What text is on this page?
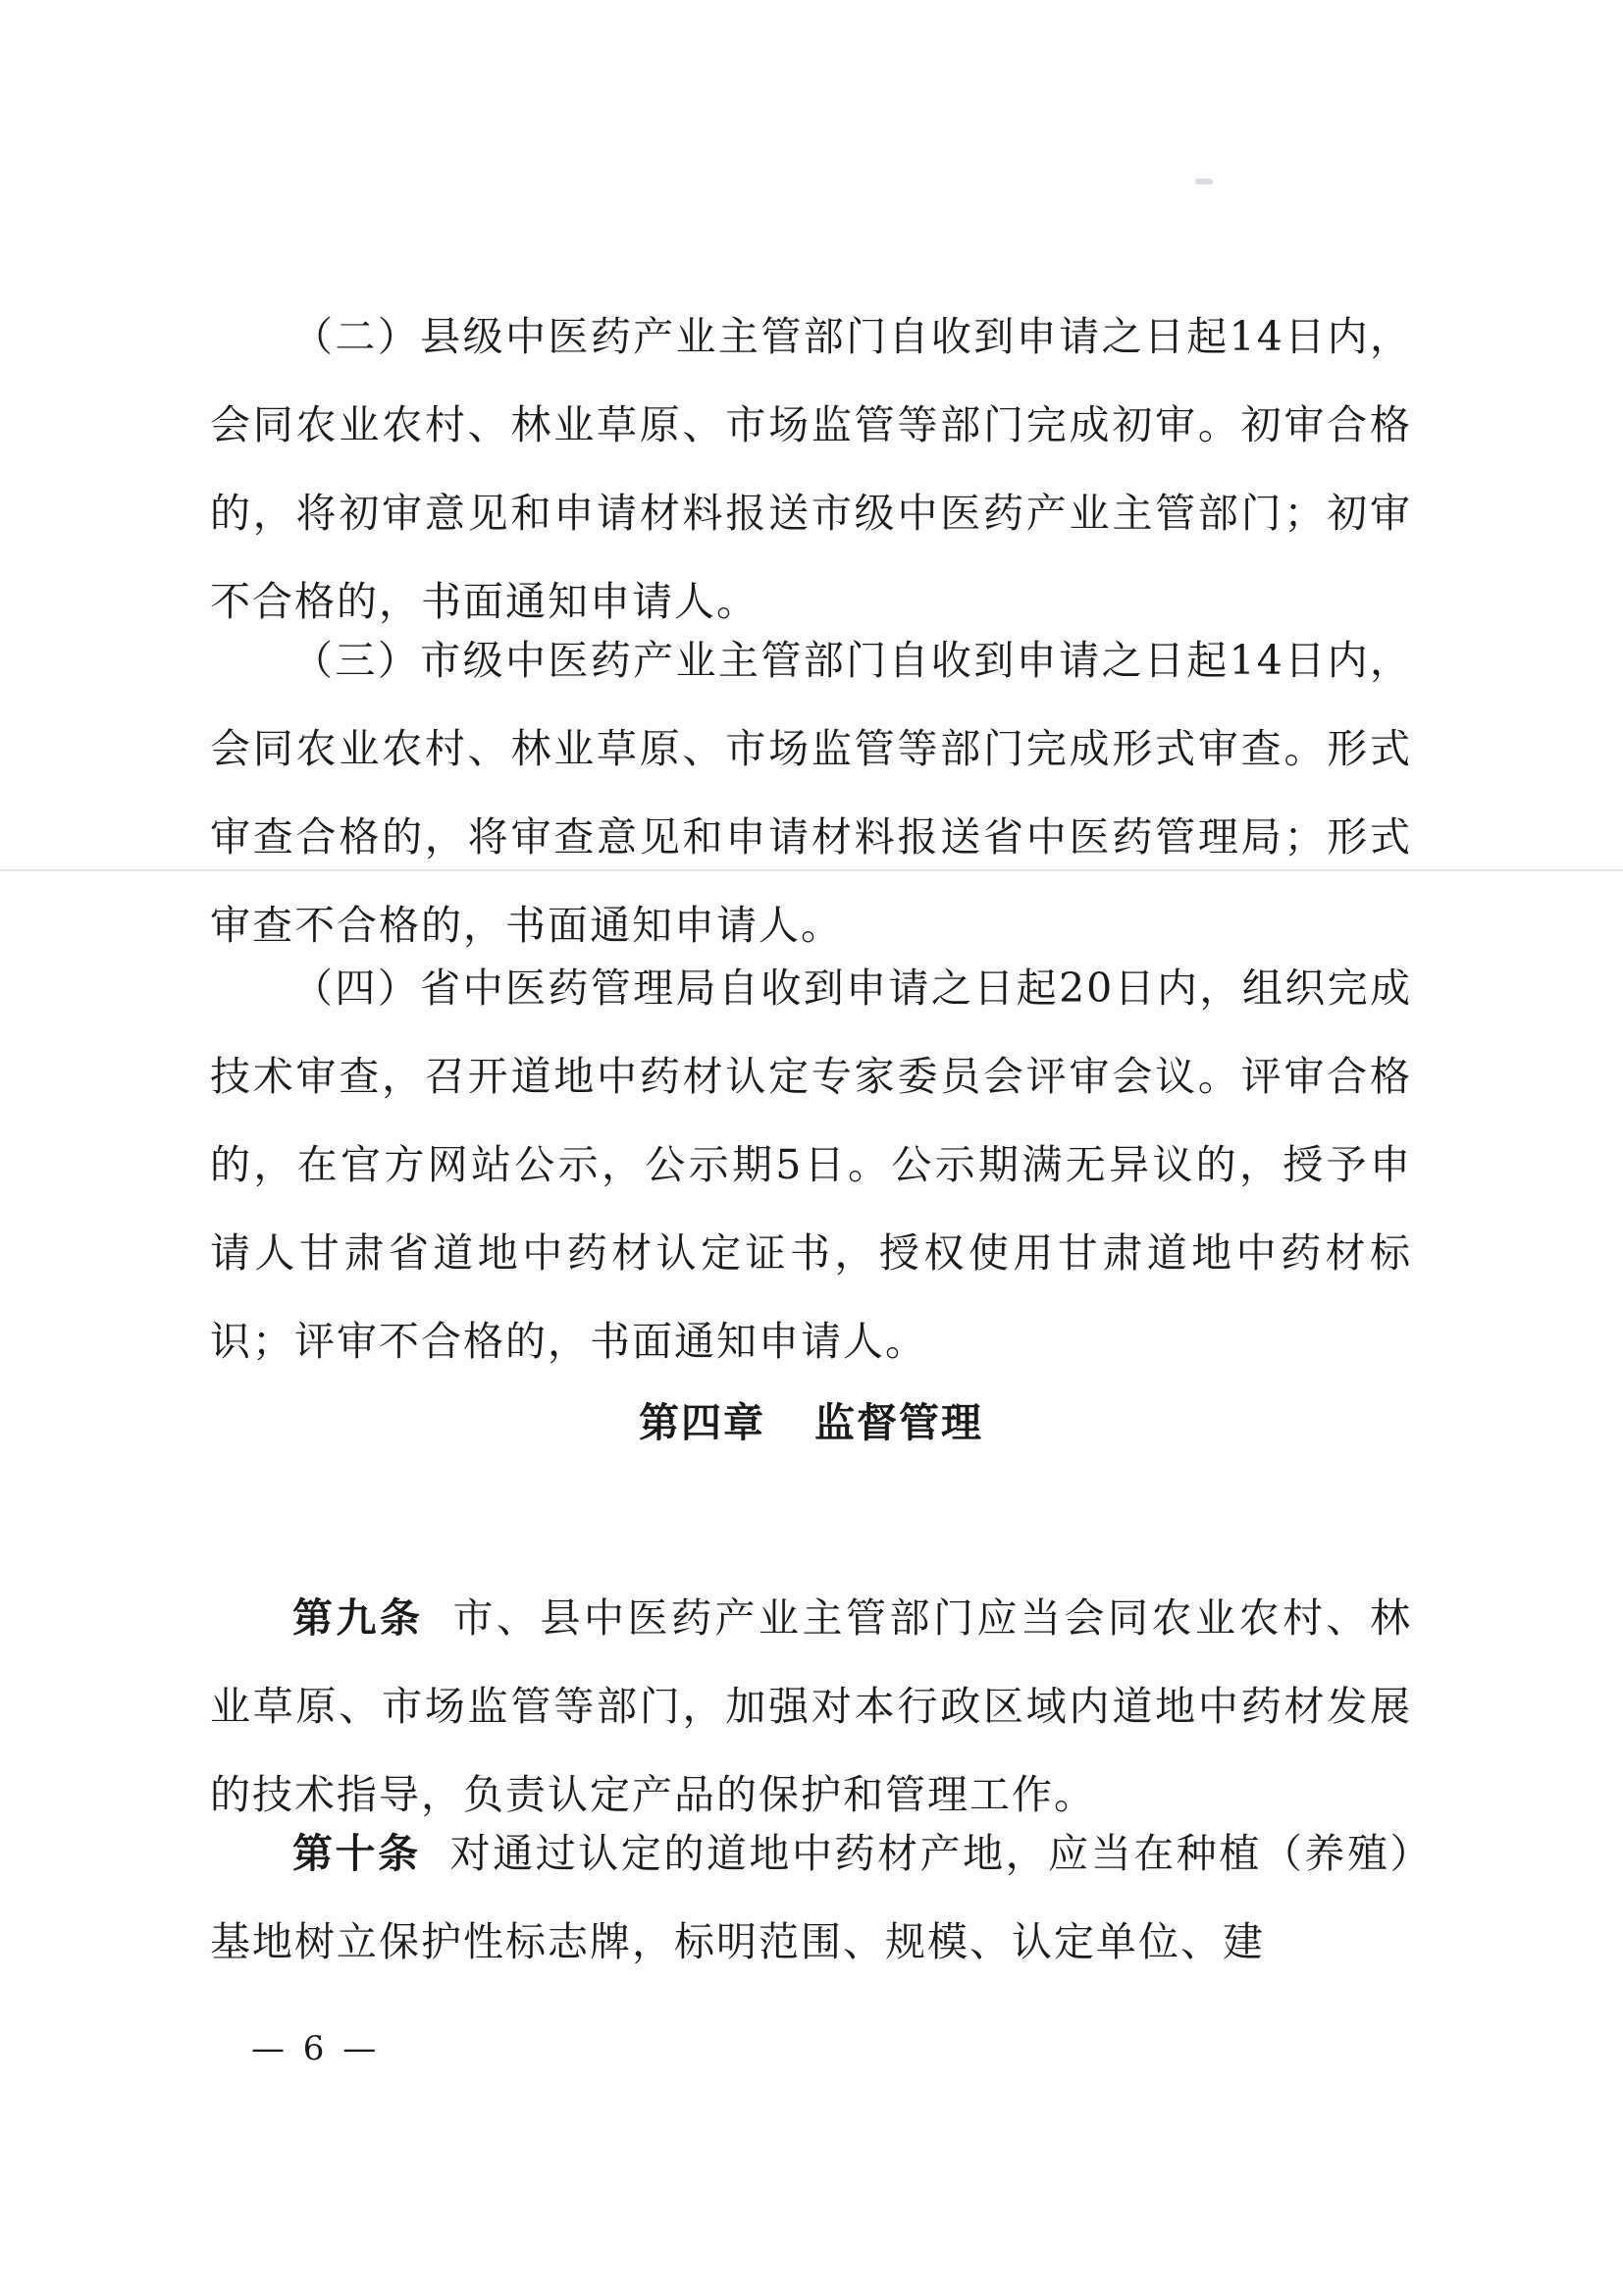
（二）县级中医药产业主管部门自收到申请之日起14日内，会同农业农村、林业草原、市场监管等部门完成初审。初审合格的，将初审意见和申请材料报送市级中医药产业主管部门；初审不合格的，书面通知申请人。

（三）市级中医药产业主管部门自收到申请之日起14日内，会同农业农村、林业草原、市场监管等部门完成形式审查。形式审查合格的，将审查意见和申请材料报送省中医药管理局；形式审查不合格的，书面通知申请人。

（四）省中医药管理局自收到申请之日起20日内，组织完成技术审查，召开道地中药材认定专家委员会评审会议。评审合格的，在官方网站公示，公示期5日。公示期满无异议的，授予申请人甘肃省道地中药材认定证书，授权使用甘肃道地中药材标识；评审不合格的，书面通知申请人。

第四章 监督管理

第九条 市、县中医药产业主管部门应当会同农业农村、林业草原、市场监管等部门，加强对本行政区域内道地中药材发展的技术指导，负责认定产品的保护和管理工作。

第十条 对通过认定的道地中药材产地，应当在种植（养殖）基地树立保护性标志牌，标明范围、规模、认定单位、建

— 6 —
